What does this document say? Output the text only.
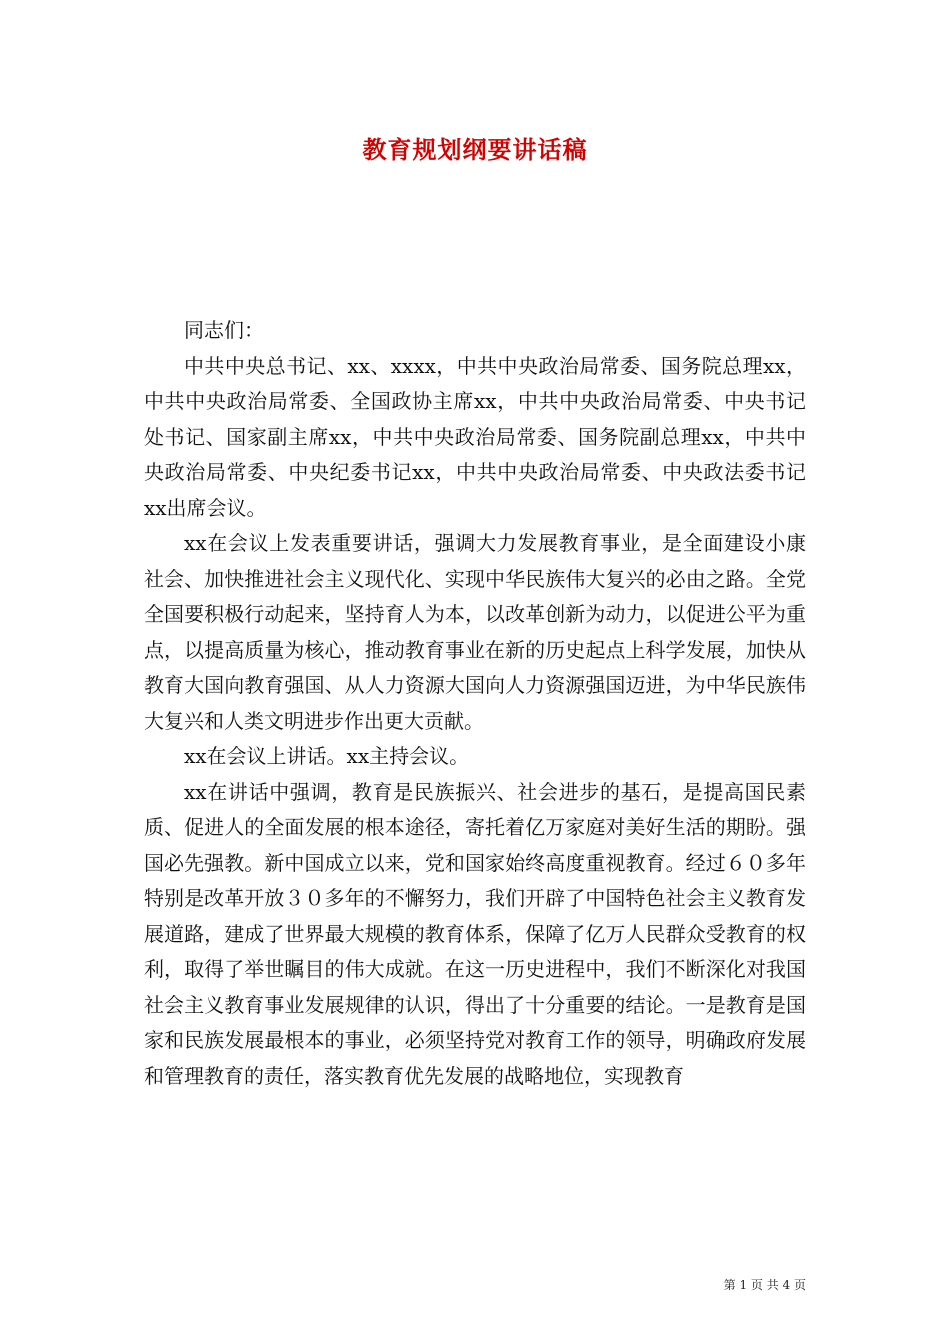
教育规划纲要讲话稿

同志们：

中共中央总书记、xx、xxxx，中共中央政治局常委、国务院总理xx，中共中央政治局常委、全国政协主席xx，中共中央政治局常委、中央书记处书记、国家副主席xx，中共中央政治局常委、国务院副总理xx，中共中央政治局常委、中央纪委书记xx，中共中央政治局常委、中央政法委书记xx出席会议。

xx在会议上发表重要讲话，强调大力发展教育事业，是全面建设小康社会、加快推进社会主义现代化、实现中华民族伟大复兴的必由之路。全党全国要积极行动起来，坚持育人为本，以改革创新为动力，以促进公平为重点，以提高质量为核心，推动教育事业在新的历史起点上科学发展，加快从教育大国向教育强国、从人力资源大国向人力资源强国迈进，为中华民族伟大复兴和人类文明进步作出更大贡献。

xx在会议上讲话。xx主持会议。

xx在讲话中强调，教育是民族振兴、社会进步的基石，是提高国民素质、促进人的全面发展的根本途径，寄托着亿万家庭对美好生活的期盼。强国必先强教。新中国成立以来，党和国家始终高度重视教育。经过６０多年特别是改革开放３０多年的不懈努力，我们开辟了中国特色社会主义教育发展道路，建成了世界最大规模的教育体系，保障了亿万人民群众受教育的权利，取得了举世瞩目的伟大成就。在这一历史进程中，我们不断深化对我国社会主义教育事业发展规律的认识，得出了十分重要的结论。一是教育是国家和民族发展最根本的事业，必须坚持党对教育工作的领导，明确政府发展和管理教育的责任，落实教育优先发展的战略地位，实现教育

第 1 页 共 4 页
